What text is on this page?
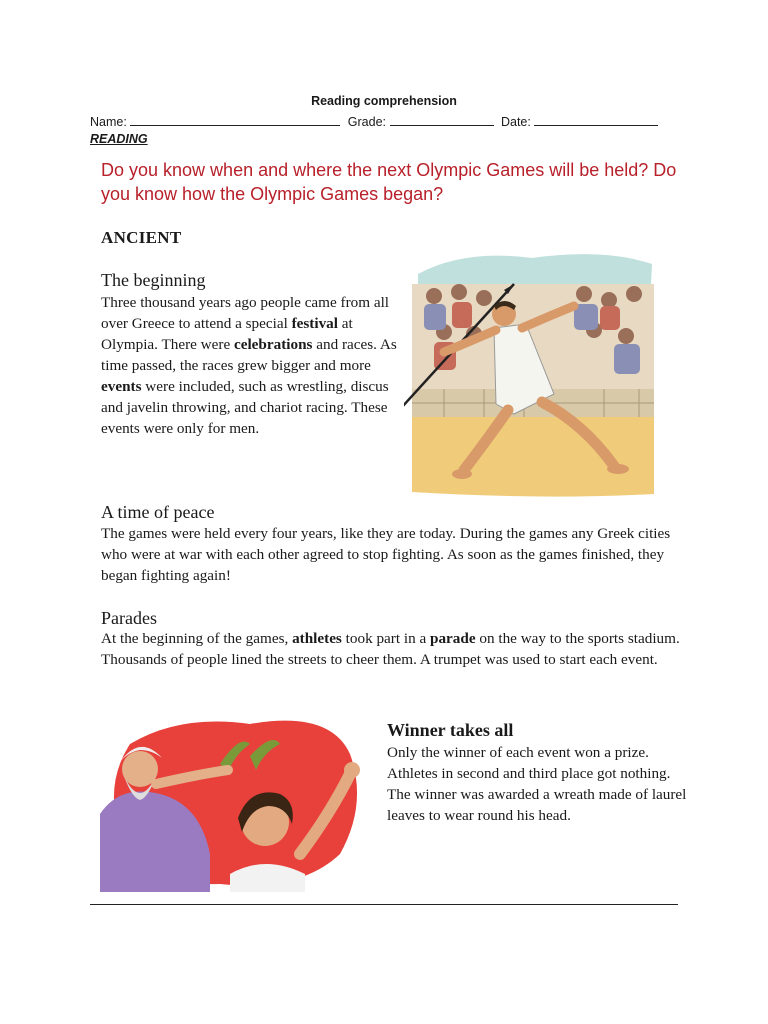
Reading comprehension
Name:	Grade:	Date:
READING
Do you know when and where the next Olympic Games will be held? Do you know how the Olympic Games began?
ANCIENT
The beginning
Three thousand years ago people came from all over Greece to attend a special festival at Olympia. There were celebrations and races. As time passed, the races grew bigger and more events were included, such as wrestling, discus and javelin throwing, and chariot racing. These events were only for men.
A time of peace
The games were held every four years, like they are today. During the games any Greek cities who were at war with each other agreed to stop fighting. As soon as the games finished, they began fighting again!
Parades
At the beginning of the games, athletes took part in a parade on the way to the sports stadium. Thousands of people lined the streets to cheer them. A trumpet was used to start each event.
Winner takes all
Only the winner of each event won a prize. Athletes in second and third place got nothing. The winner was awarded a wreath made of laurel leaves to wear round his head.
